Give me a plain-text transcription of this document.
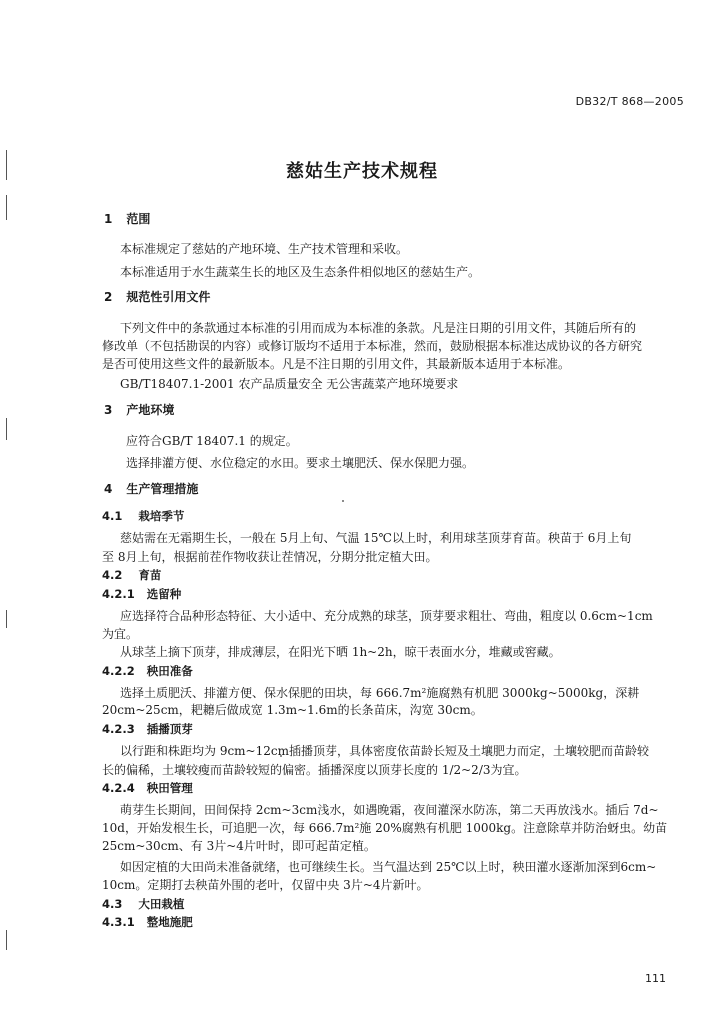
DB32/T 868—2005
慈姑生产技术规程
1 范围
本标准规定了慈姑的产地环境、生产技术管理和采收。
本标准适用于水生蔬菜生长的地区及生态条件相似地区的慈姑生产。
2 规范性引用文件
下列文件中的条款通过本标准的引用而成为本标准的条款。凡是注日期的引用文件，其随后所有的
修改单（不包括勘误的内容）或修订版均不适用于本标准，然而，鼓励根据本标准达成协议的各方研究
是否可使用这些文件的最新版本。凡是不注日期的引用文件，其最新版本适用于本标准。
GB/T18407.1-2001 农产品质量安全 无公害蔬菜产地环境要求
3 产地环境
应符合GB/T 18407.1 的规定。
选择排灌方便、水位稳定的水田。要求土壤肥沃、保水保肥力强。
4 生产管理措施
4.1 栽培季节
慈姑需在无霜期生长，一般在 5月上旬、气温 15℃以上时，利用球茎顶芽育苗。秧苗于 6月上旬
至 8月上旬，根据前茬作物收获让茬情况，分期分批定植大田。
4.2 育苗
4.2.1 选留种
应选择符合品种形态特征、大小适中、充分成熟的球茎，顶芽要求粗壮、弯曲，粗度以 0.6cm~1cm
为宜。
从球茎上摘下顶芽，排成薄层，在阳光下晒 1h~2h，晾干表面水分，堆藏或窖藏。
4.2.2 秧田准备
选择土质肥沃、排灌方便、保水保肥的田块，每 666.7m²施腐熟有机肥 3000kg~5000kg，深耕
20cm~25cm，耙耱后做成宽 1.3m~1.6m的长条苗床，沟宽 30cm。
4.2.3 插播顶芽
以行距和株距均为 9cm~12cm插播顶芽，具体密度依苗龄长短及土壤肥力而定，土壤较肥而苗龄较
长的偏稀，土壤较瘦而苗龄较短的偏密。插播深度以顶芽长度的 1/2~2/3为宜。
4.2.4 秧田管理
萌芽生长期间，田间保持 2cm~3cm浅水，如遇晚霜，夜间灌深水防冻，第二天再放浅水。插后 7d~
10d，开始发根生长，可追肥一次，每 666.7m²施 20%腐熟有机肥 1000kg。注意除草并防治蚜虫。幼苗
25cm~30cm、有 3片~4片叶时，即可起苗定植。
如因定植的大田尚未准备就绪，也可继续生长。当气温达到 25℃以上时，秧田灌水逐渐加深到6cm~
10cm。定期打去秧苗外围的老叶，仅留中央 3片~4片新叶。
4.3 大田栽植
4.3.1 整地施肥
111
